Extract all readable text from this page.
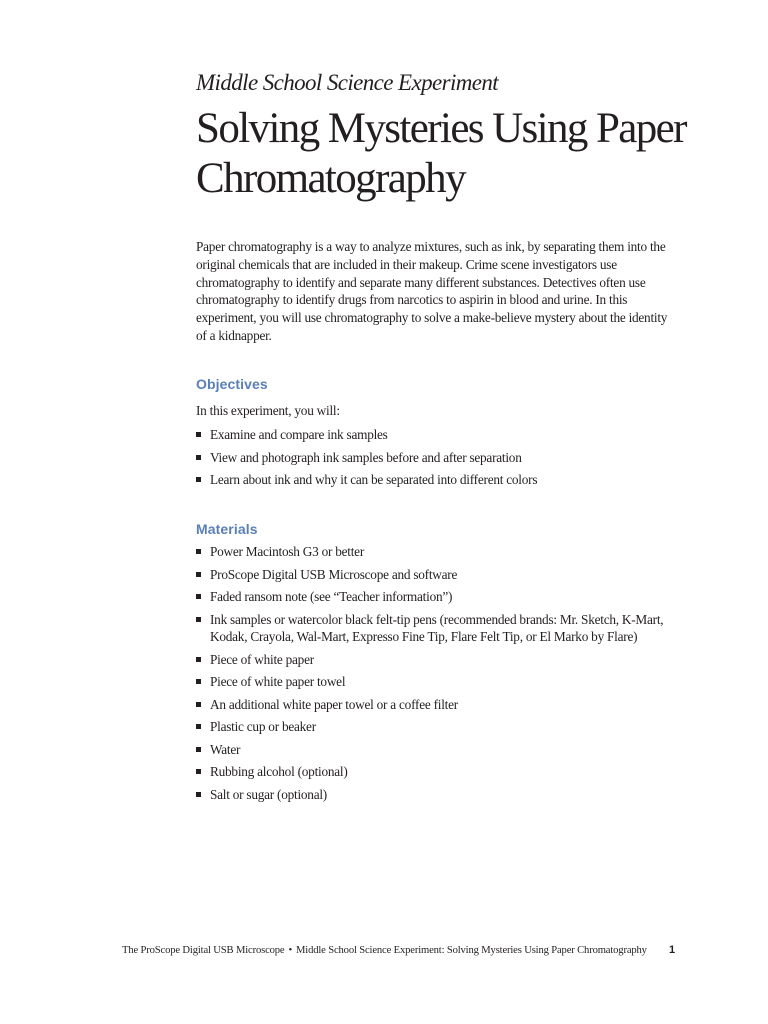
Middle School Science Experiment
Solving Mysteries Using Paper Chromatography

Paper chromatography is a way to analyze mixtures, such as ink, by separating them into the original chemicals that are included in their makeup. Crime scene investigators use chromatography to identify and separate many different substances. Detectives often use chromatography to identify drugs from narcotics to aspirin in blood and urine. In this experiment, you will use chromatography to solve a make-believe mystery about the identity of a kidnapper.

Objectives

In this experiment, you will:

Examine and compare ink samples
View and photograph ink samples before and after separation
Learn about ink and why it can be separated into different colors
Materials
Power Macintosh G3 or better
ProScope Digital USB Microscope and software
Faded ransom note (see “Teacher information”)
Ink samples or watercolor black felt-tip pens (recommended brands: Mr. Sketch, K-Mart, Kodak, Crayola, Wal-Mart, Expresso Fine Tip, Flare Felt Tip, or El Marko by Flare)
Piece of white paper
Piece of white paper towel
An additional white paper towel or a coffee filter
Plastic cup or beaker
Water
Rubbing alcohol (optional)
Salt or sugar (optional)
The ProScope Digital USB Microscope • Middle School Science Experiment: Solving Mysteries Using Paper Chromatography	1
